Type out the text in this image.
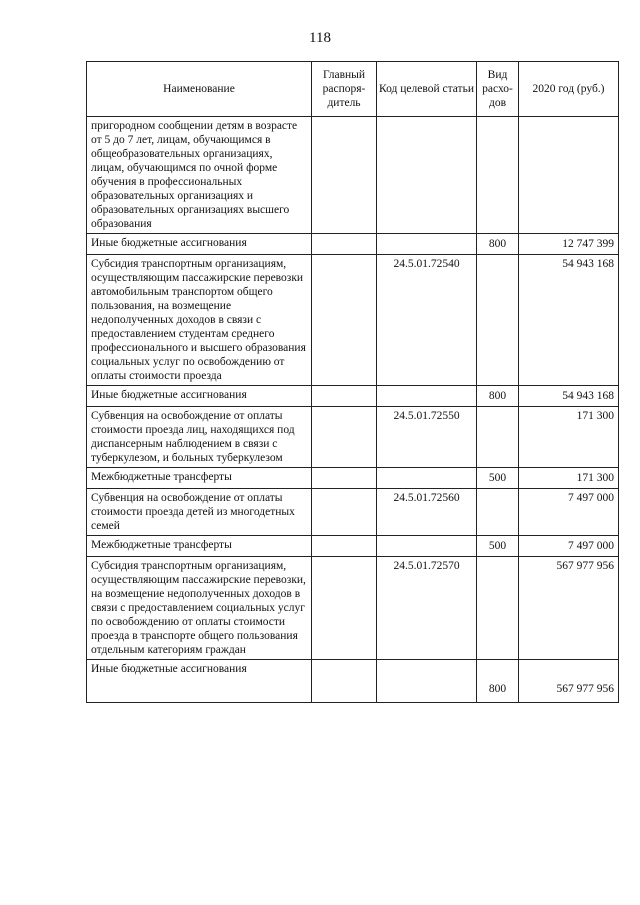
118
Наименование	Главный распоря-дитель	Код целевой статьи	Вид расхо-дов	2020 год (руб.)
пригородном сообщении детям в возрасте от 5 до 7 лет, лицам, обучающимся в общеобразовательных организациях, лицам, обучающимся по очной форме обучения в профессиональных образовательных организациях и образовательных организациях высшего образования				
Иные бюджетные ассигнования			800	12 747 399
Субсидия транспортным организациям, осуществляющим пассажирские перевозки автомобильным транспортом общего пользования, на возмещение недополученных доходов в связи с предоставлением студентам среднего профессионального и высшего образования социальных услуг по освобождению от оплаты стоимости проезда		24.5.01.72540		54 943 168
Иные бюджетные ассигнования			800	54 943 168
Субвенция на освобождение от оплаты стоимости проезда лиц, находящихся под диспансерным наблюдением в связи с туберкулезом, и больных туберкулезом		24.5.01.72550		171 300
Межбюджетные трансферты			500	171 300
Субвенция на освобождение от оплаты стоимости проезда детей из многодетных семей		24.5.01.72560		7 497 000
Межбюджетные трансферты			500	7 497 000
Субсидия транспортным организациям, осуществляющим пассажирские перевозки, на возмещение недополученных доходов в связи с предоставлением социальных услуг по освобождению от оплаты стоимости проезда в транспорте общего пользования отдельным категориям граждан		24.5.01.72570		567 977 956
Иные бюджетные ассигнования			800	567 977 956
